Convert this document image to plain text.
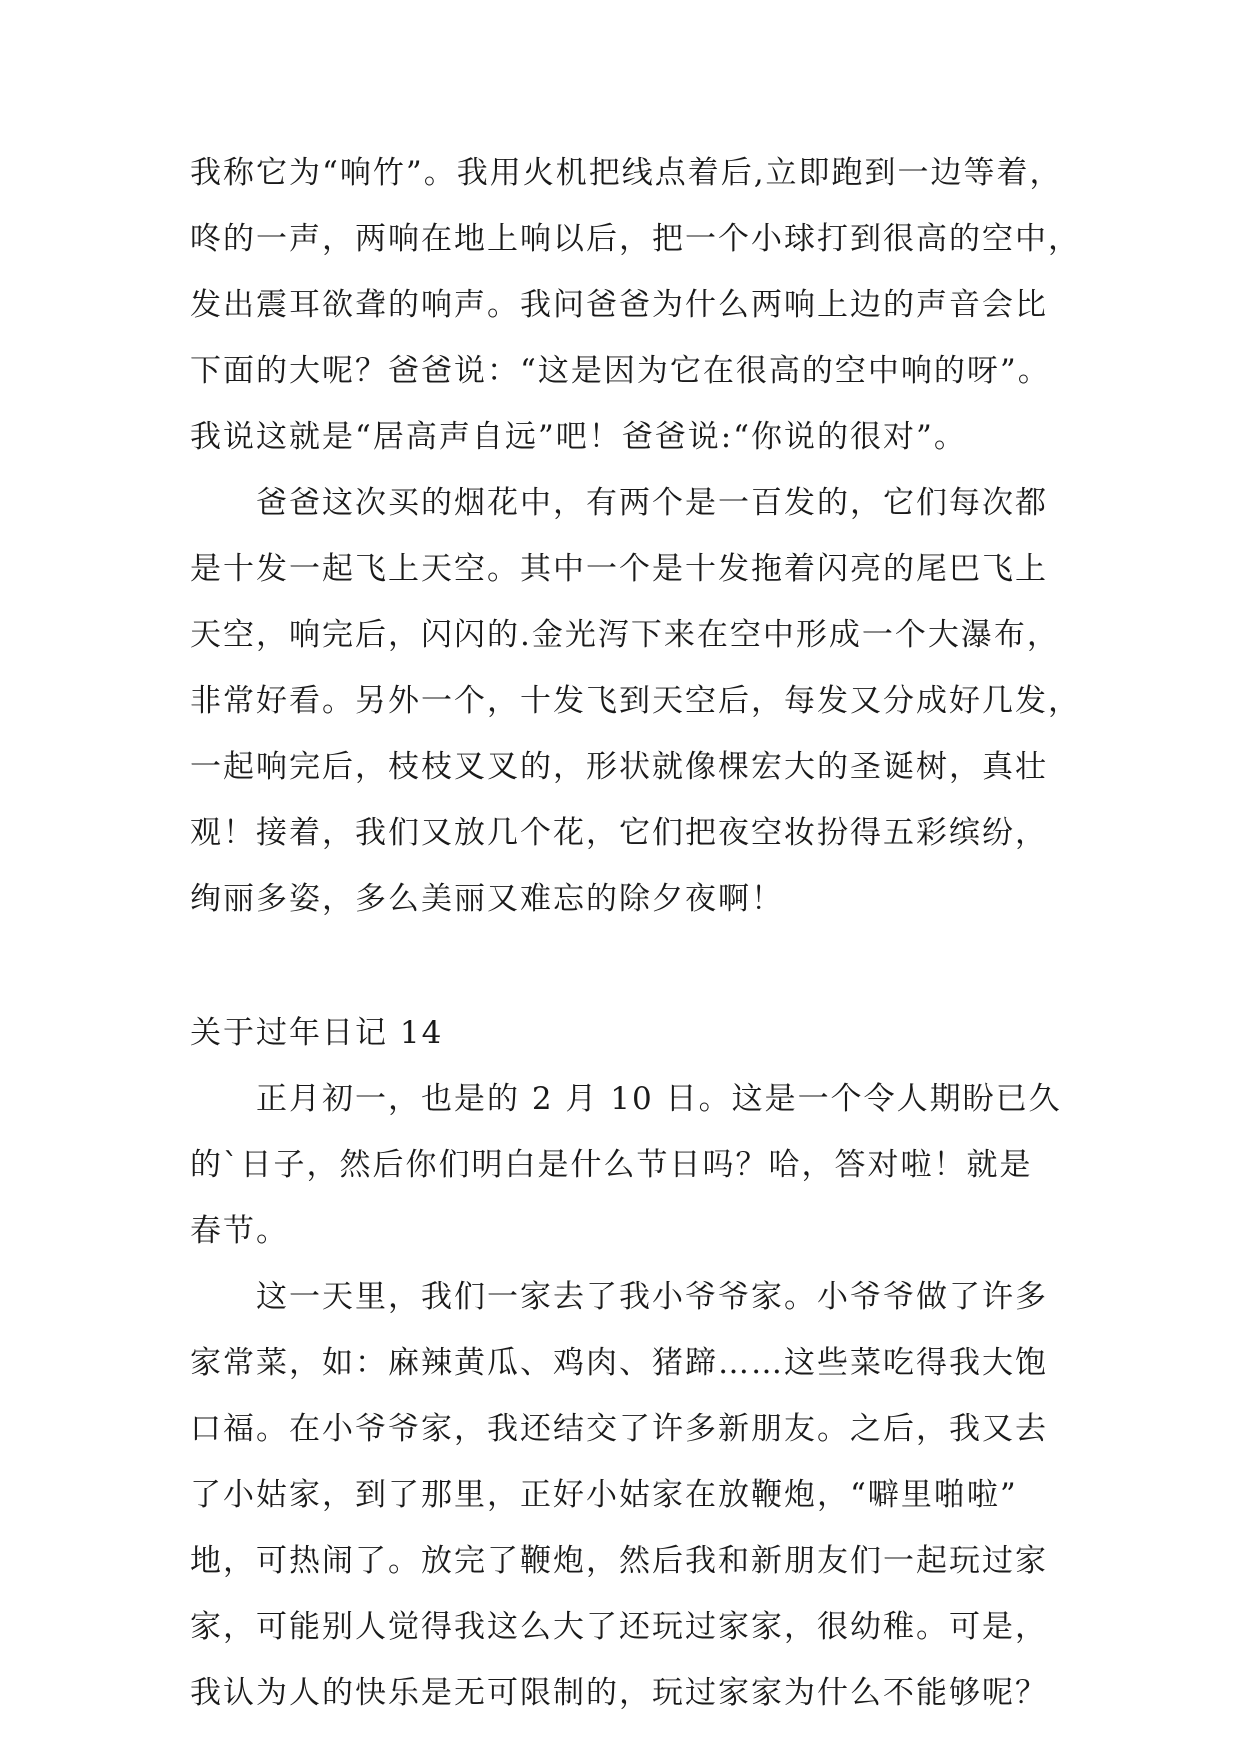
我称它为“响竹”。我用火机把线点着后,立即跑到一边等着，
咚的一声，两响在地上响以后，把一个小球打到很高的空中，
发出震耳欲聋的响声。我问爸爸为什么两响上边的声音会比
下面的大呢？爸爸说：“这是因为它在很高的空中响的呀”。
我说这就是“居高声自远”吧！爸爸说:“你说的很对”。
　　爸爸这次买的烟花中，有两个是一百发的，它们每次都
是十发一起飞上天空。其中一个是十发拖着闪亮的尾巴飞上
天空，响完后，闪闪的.金光泻下来在空中形成一个大瀑布，
非常好看。另外一个，十发飞到天空后，每发又分成好几发，
一起响完后，枝枝叉叉的，形状就像棵宏大的圣诞树，真壮
观！接着，我们又放几个花，它们把夜空妆扮得五彩缤纷，
绚丽多姿，多么美丽又难忘的除夕夜啊！
关于过年日记 14
　　正月初一，也是的 2 月 10 日。这是一个令人期盼已久
的`日子，然后你们明白是什么节日吗？哈，答对啦！就是
春节。
　　这一天里，我们一家去了我小爷爷家。小爷爷做了许多
家常菜，如：麻辣黄瓜、鸡肉、猪蹄……这些菜吃得我大饱
口福。在小爷爷家，我还结交了许多新朋友。之后，我又去
了小姑家，到了那里，正好小姑家在放鞭炮，“噼里啪啦”
地，可热闹了。放完了鞭炮，然后我和新朋友们一起玩过家
家，可能别人觉得我这么大了还玩过家家，很幼稚。可是，
我认为人的快乐是无可限制的，玩过家家为什么不能够呢？
